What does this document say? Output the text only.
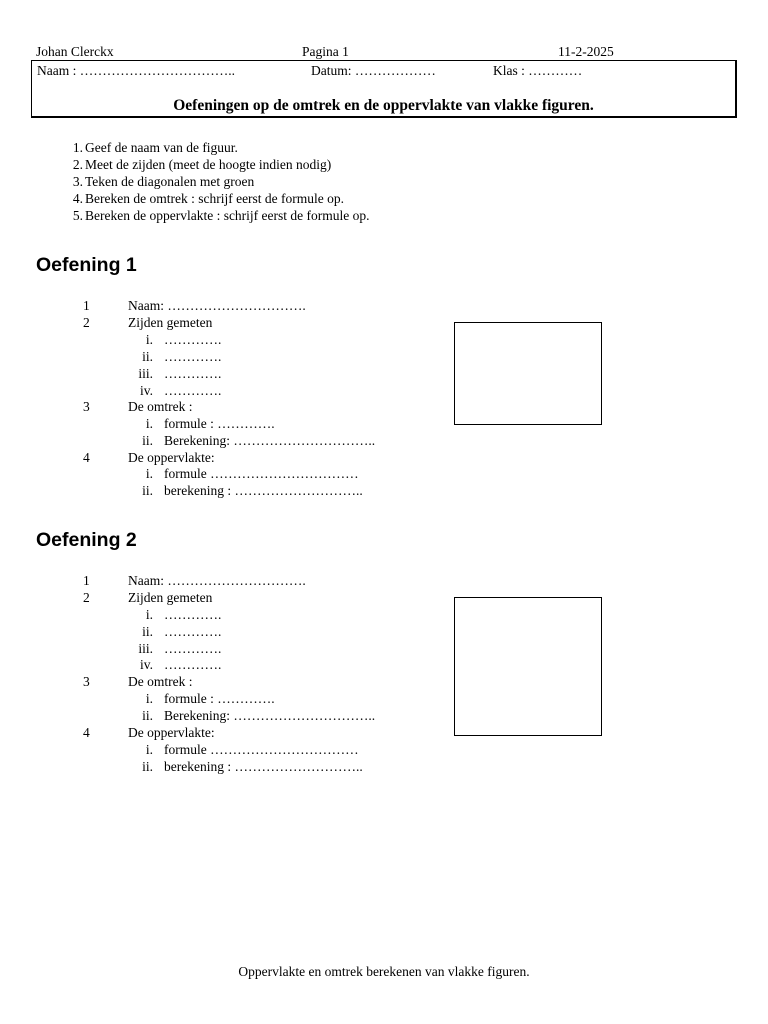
Johan Clerckx	Pagina 1	11-2-2025
Naam : ……………………………..	Datum: ………………	Klas : …………
Oefeningen op de omtrek en de oppervlakte van vlakke figuren.
1. Geef de naam van de figuur.
2. Meet de zijden (meet de hoogte indien nodig)
3. Teken de diagonalen met groen
4. Bereken de omtrek : schrijf eerst de formule op.
5. Bereken de oppervlakte : schrijf eerst de formule op.
Oefening 1
1	Naam: ………………………….
2	Zijden gemeten
i. ………….
ii. ………….
iii. ………….
iv. ………….
3	De omtrek :
i. formule : ………….
ii. Berekening: …………………………..
4	De oppervlakte:
i. formule ……………………………
ii. berekening : ………………………..
Oefening 2
1	Naam: ………………………….
2	Zijden gemeten
i. ………….
ii. ………….
iii. ………….
iv. ………….
3	De omtrek :
i. formule : ………….
ii. Berekening: …………………………..
4	De oppervlakte:
i. formule ……………………………
ii. berekening : ………………………..
Oppervlakte en omtrek berekenen van vlakke figuren.
